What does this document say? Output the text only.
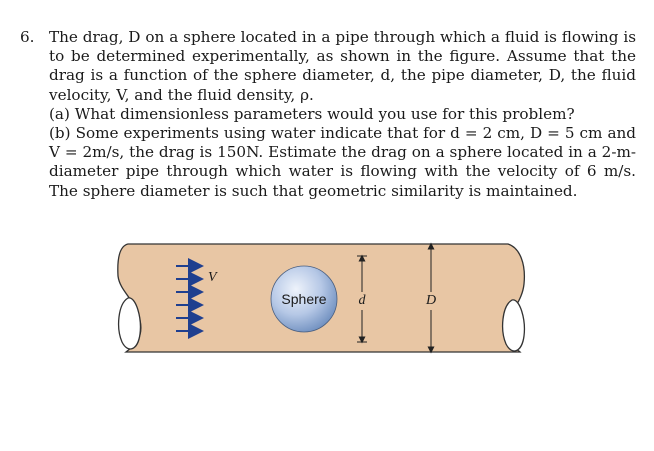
6. The drag, D on a sphere located in a pipe through which a fluid is flowing is to be determined experimentally, as shown in the figure. Assume that the drag is a function of the sphere diameter, d, the pipe diameter, D, the fluid velocity, V, and the fluid density, ρ.
(a) What dimensionless parameters would you use for this problem?
(b) Some experiments using water indicate that for d = 2 cm, D = 5 cm and V = 2m/s, the drag is 150N. Estimate the drag on a sphere located in a 2-m-diameter pipe through which water is flowing with the velocity of 6 m/s. The sphere diameter is such that geometric similarity is maintained.
V
Sphere d	D
